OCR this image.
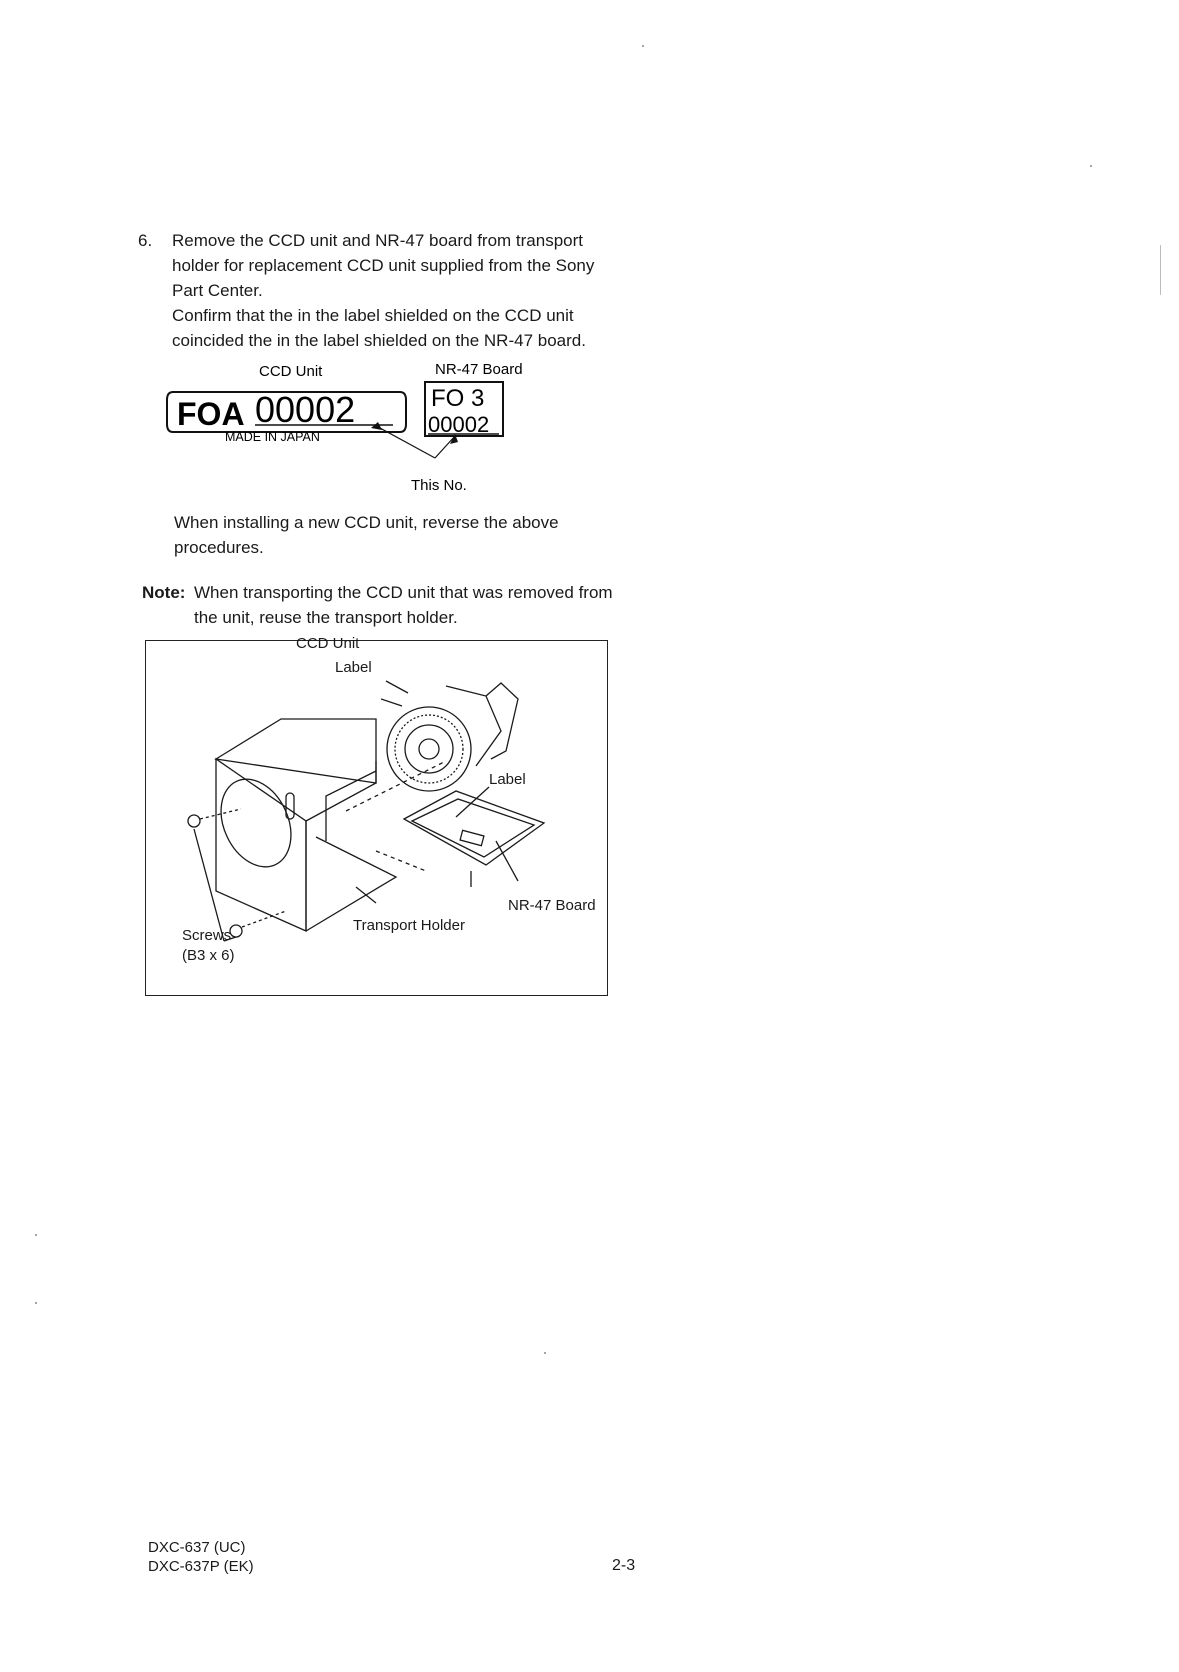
6. Remove the CCD unit and NR-47 board from transport holder for replacement CCD unit supplied from the Sony Part Center.

Confirm that the in the label shielded on the CCD unit coincided the in the label shielded on the NR-47 board.

CCD Unit	NR-47 Board
FOA 00002
MADE IN JAPAN
FO 3
00002
This No.
When installing a new CCD unit, reverse the above procedures.
Note: When transporting the CCD unit that was removed from the unit, reuse the transport holder.
CCD Unit
Label
Label
NR-47 Board
Transport Holder
Screws
(B3 x 6)
DXC-637 (UC)
DXC-637P (EK)	2-3
